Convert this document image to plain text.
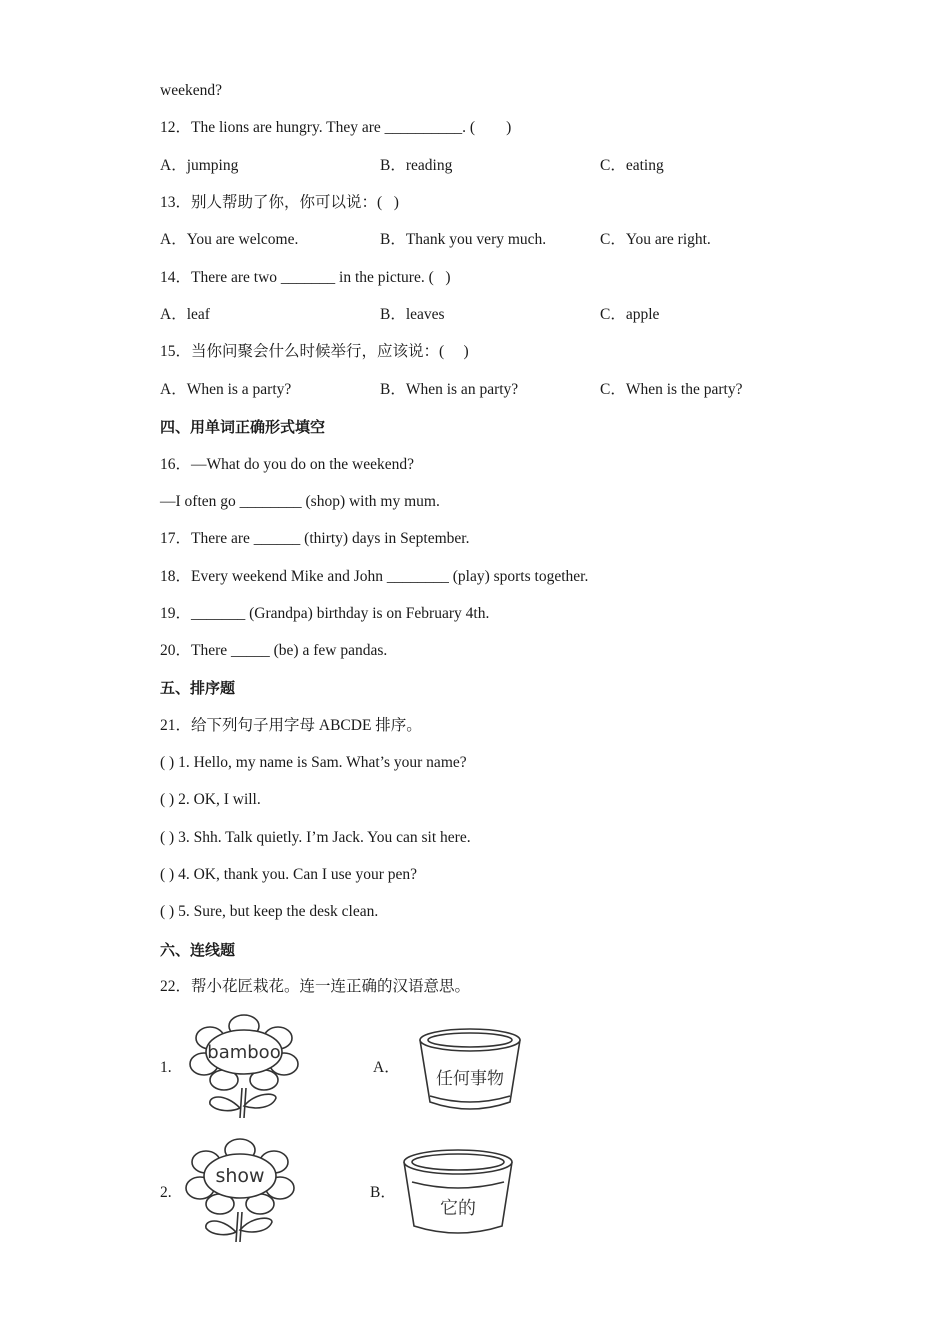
weekend?
12．The lions are hungry. They are __________. (        )
A．jumping	B．reading	C．eating
13．别人帮助了你，你可以说：(   )
A．You are welcome.	B．Thank you very much.	C．You are right.
14．There are two _______ in the picture. (   )
A．leaf	B．leaves	C．apple
15．当你问聚会什么时候举行，应该说：(     )
A．When is a party?	B．When is an party?	C．When is the party?
四、用单词正确形式填空
16．—What do you do on the weekend?
—I often go ________ (shop) with my mum.
17．There are ______ (thirty) days in September.
18．Every weekend Mike and John ________ (play) sports together.
19．_______ (Grandpa) birthday is on February 4th.
20．There _____ (be) a few pandas.
五、排序题
21．给下列句子用字母 ABCDE 排序。
( ) 1. Hello, my name is Sam. What’s your name?
( ) 2. OK, I will.
( ) 3. Shh. Talk quietly. I’m Jack. You can sit here.
( ) 4. OK, thank you. Can I use your pen?
( ) 5. Sure, but keep the desk clean.
六、连线题
22．帮小花匠栽花。连一连正确的汉语意思。
1.
bamboo
A．
任何事物
2.
show
B．
它的
